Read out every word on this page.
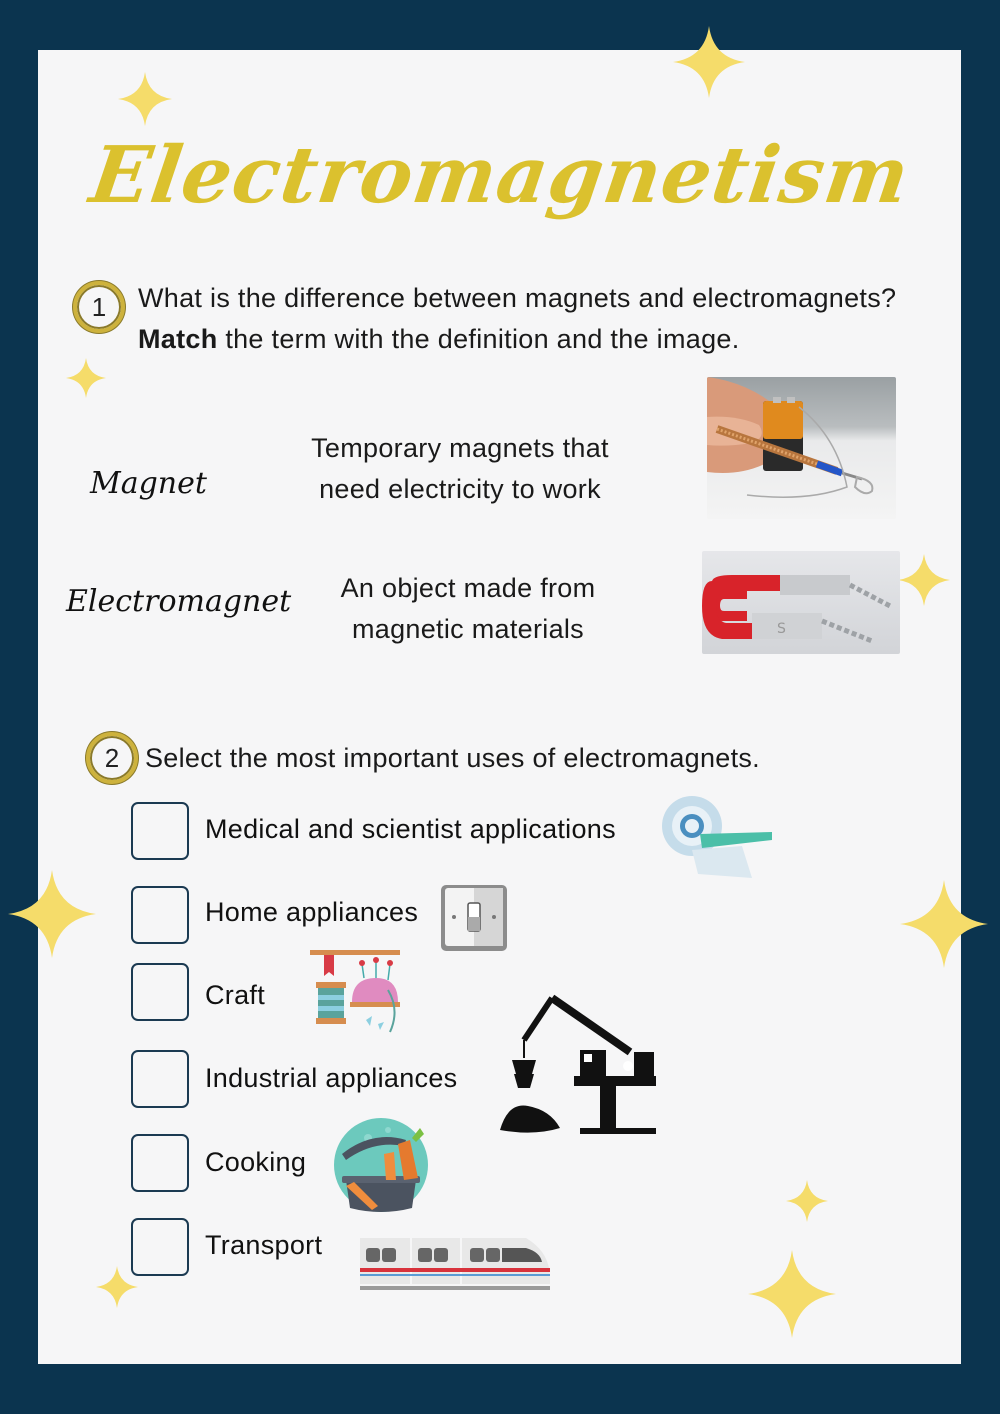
Electromagnetism
1	What is the difference between magnets and electromagnets? Match the term with the definition and the image.
Magnet
Electromagnet
Temporary magnets that
need electricity to work
An object made from
magnetic materials	S
2 Select the most important uses of electromagnets.
Medical and scientist applications
Home appliances
Craft
Industrial appliances
Cooking
Transport
